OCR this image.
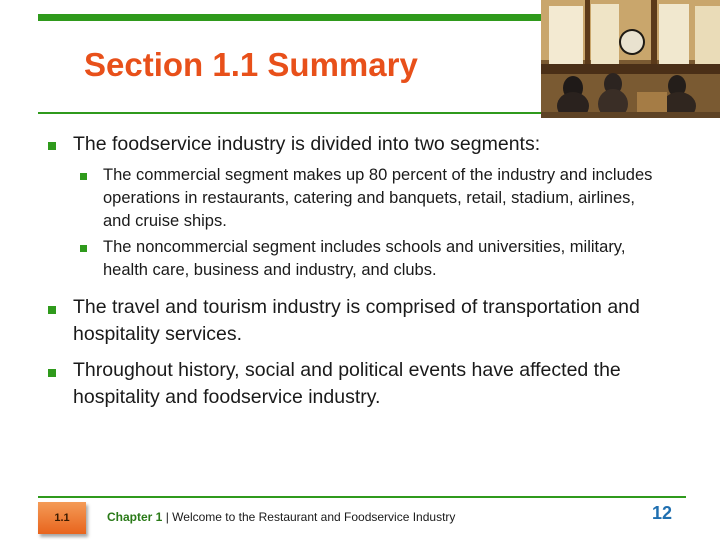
Section 1.1 Summary
The foodservice industry is divided into two segments:
The commercial segment makes up 80 percent of the industry and includes operations in restaurants, catering and banquets, retail, stadium, airlines, and cruise ships.
The noncommercial segment includes schools and universities, military, health care, business and industry, and clubs.
The travel and tourism industry is comprised of transportation and hospitality services.
Throughout history, social and political events have affected the hospitality and foodservice industry.
1.1	Chapter 1 | Welcome to the Restaurant and Foodservice Industry	12
